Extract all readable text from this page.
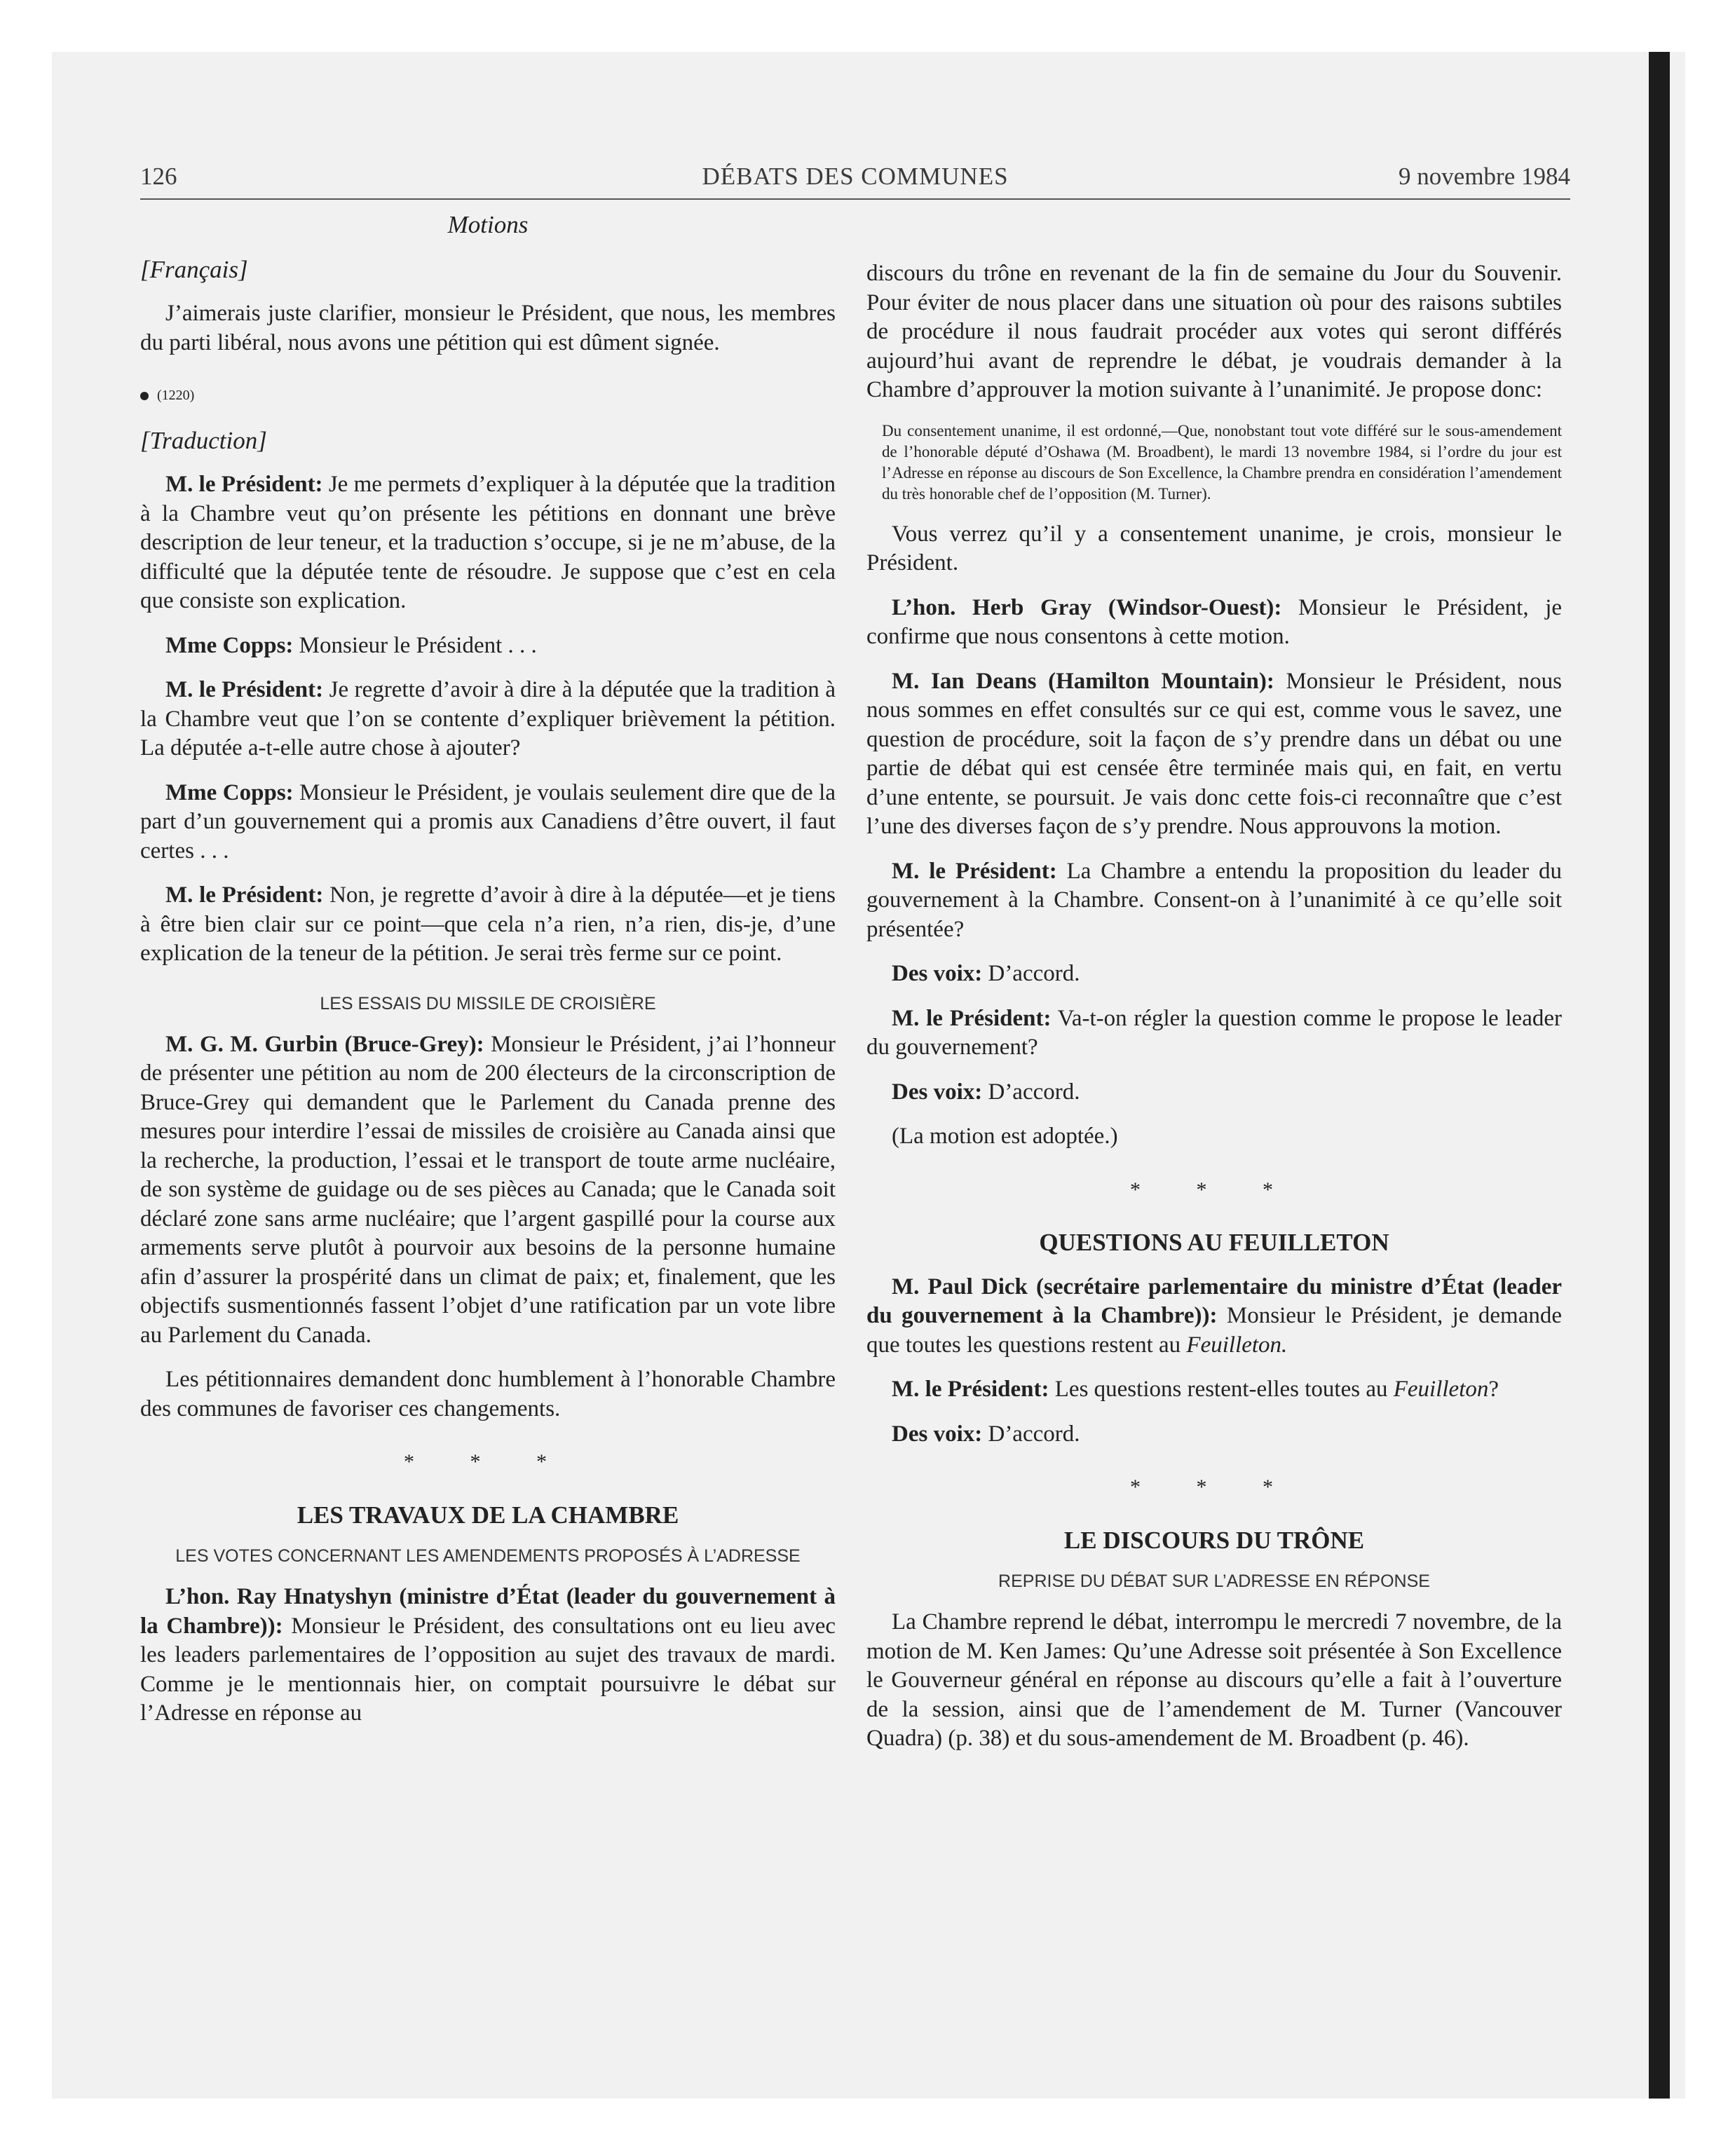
126	DÉBATS DES COMMUNES	9 novembre 1984

Motions

[Français]

J’aimerais juste clarifier, monsieur le Président, que nous, les membres du parti libéral, nous avons une pétition qui est dûment signée.

(1220)

[Traduction]

M. le Président: Je me permets d’expliquer à la députée que la tradition à la Chambre veut qu’on présente les pétitions en donnant une brève description de leur teneur, et la traduction s’occupe, si je ne m’abuse, de la difficulté que la députée tente de résoudre. Je suppose que c’est en cela que consiste son explication.

Mme Copps: Monsieur le Président . . .

M. le Président: Je regrette d’avoir à dire à la députée que la tradition à la Chambre veut que l’on se contente d’expliquer brièvement la pétition. La députée a-t-elle autre chose à ajouter?

Mme Copps: Monsieur le Président, je voulais seulement dire que de la part d’un gouvernement qui a promis aux Canadiens d’être ouvert, il faut certes . . .

M. le Président: Non, je regrette d’avoir à dire à la députée—et je tiens à être bien clair sur ce point—que cela n’a rien, n’a rien, dis-je, d’une explication de la teneur de la pétition. Je serai très ferme sur ce point.

LES ESSAIS DU MISSILE DE CROISIÈRE

M. G. M. Gurbin (Bruce-Grey): Monsieur le Président, j’ai l’honneur de présenter une pétition au nom de 200 électeurs de la circonscription de Bruce-Grey qui demandent que le Parlement du Canada prenne des mesures pour interdire l’essai de missiles de croisière au Canada ainsi que la recherche, la production, l’essai et le transport de toute arme nucléaire, de son système de guidage ou de ses pièces au Canada; que le Canada soit déclaré zone sans arme nucléaire; que l’argent gaspillé pour la course aux armements serve plutôt à pourvoir aux besoins de la personne humaine afin d’assurer la prospérité dans un climat de paix; et, finalement, que les objectifs susmentionnés fassent l’objet d’une ratification par un vote libre au Parlement du Canada.

Les pétitionnaires demandent donc humblement à l’honorable Chambre des communes de favoriser ces changements.

* * *

LES TRAVAUX DE LA CHAMBRE

LES VOTES CONCERNANT LES AMENDEMENTS PROPOSÉS À L’ADRESSE

L’hon. Ray Hnatyshyn (ministre d’État (leader du gouvernement à la Chambre)): Monsieur le Président, des consultations ont eu lieu avec les leaders parlementaires de l’opposition au sujet des travaux de mardi. Comme je le mentionnais hier, on comptait poursuivre le débat sur l’Adresse en réponse au

discours du trône en revenant de la fin de semaine du Jour du Souvenir. Pour éviter de nous placer dans une situation où pour des raisons subtiles de procédure il nous faudrait procéder aux votes qui seront différés aujourd’hui avant de reprendre le débat, je voudrais demander à la Chambre d’approuver la motion suivante à l’unanimité. Je propose donc:

Du consentement unanime, il est ordonné,—Que, nonobstant tout vote différé sur le sous-amendement de l’honorable député d’Oshawa (M. Broadbent), le mardi 13 novembre 1984, si l’ordre du jour est l’Adresse en réponse au discours de Son Excellence, la Chambre prendra en considération l’amendement du très honorable chef de l’opposition (M. Turner).

Vous verrez qu’il y a consentement unanime, je crois, monsieur le Président.

L’hon. Herb Gray (Windsor-Ouest): Monsieur le Président, je confirme que nous consentons à cette motion.

M. Ian Deans (Hamilton Mountain): Monsieur le Président, nous nous sommes en effet consultés sur ce qui est, comme vous le savez, une question de procédure, soit la façon de s’y prendre dans un débat ou une partie de débat qui est censée être terminée mais qui, en fait, en vertu d’une entente, se poursuit. Je vais donc cette fois-ci reconnaître que c’est l’une des diverses façon de s’y prendre. Nous approuvons la motion.

M. le Président: La Chambre a entendu la proposition du leader du gouvernement à la Chambre. Consent-on à l’unanimité à ce qu’elle soit présentée?

Des voix: D’accord.

M. le Président: Va-t-on régler la question comme le propose le leader du gouvernement?

Des voix: D’accord.

(La motion est adoptée.)

* * *

QUESTIONS AU FEUILLETON

M. Paul Dick (secrétaire parlementaire du ministre d’État (leader du gouvernement à la Chambre)): Monsieur le Président, je demande que toutes les questions restent au Feuilleton.

M. le Président: Les questions restent-elles toutes au Feuilleton?

Des voix: D’accord.

* * *

LE DISCOURS DU TRÔNE

REPRISE DU DÉBAT SUR L’ADRESSE EN RÉPONSE

La Chambre reprend le débat, interrompu le mercredi 7 novembre, de la motion de M. Ken James: Qu’une Adresse soit présentée à Son Excellence le Gouverneur général en réponse au discours qu’elle a fait à l’ouverture de la session, ainsi que de l’amendement de M. Turner (Vancouver Quadra) (p. 38) et du sous-amendement de M. Broadbent (p. 46).
